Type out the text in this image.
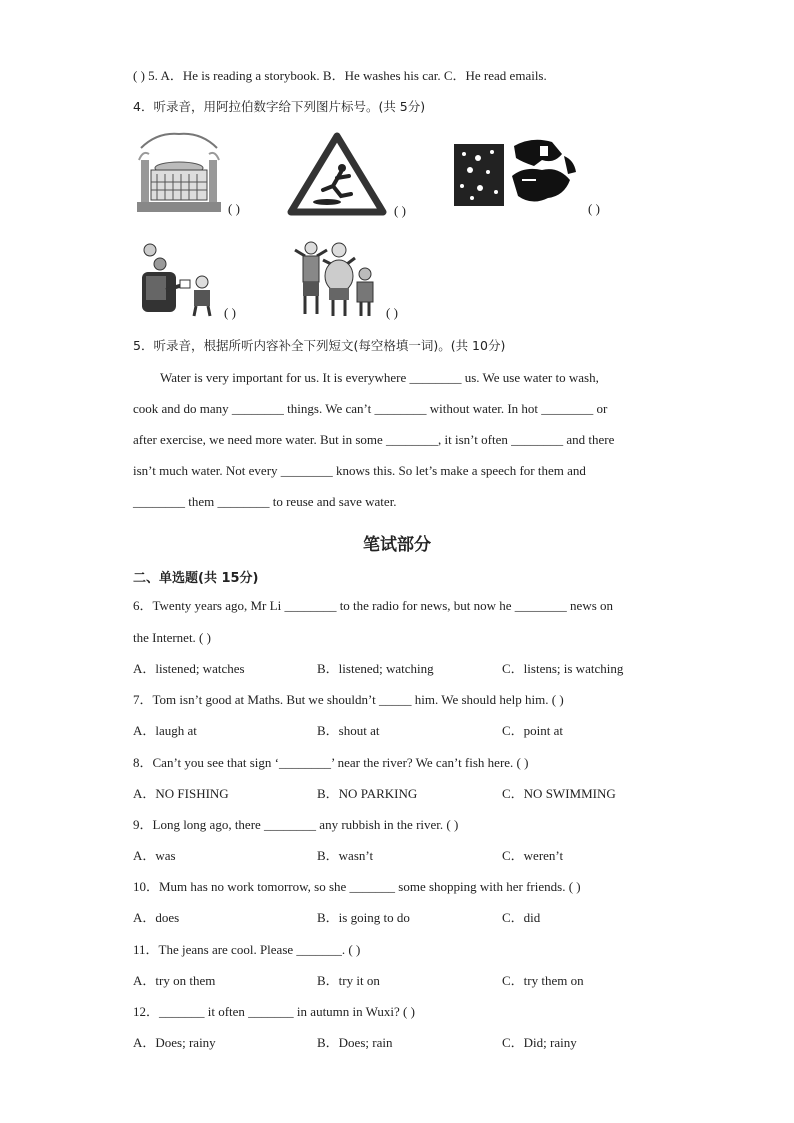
( ) 5. A．He is reading a storybook. B．He washes his car. C．He read emails.
4．听录音，用阿拉伯数字给下列图片标号。(共 5分)
( )	( )	( )
( )	( )
5．听录音，根据所听内容补全下列短文(每空格填一词)。(共 10分)
Water is very important for us. It is everywhere ________ us. We use water to wash,
cook and do many ________ things. We can’t ________ without water. In hot ________ or
after exercise, we need more water. But in some ________, it isn’t often ________ and there
isn’t much water. Not every ________ knows this. So let’s make a speech for them and
________ them ________ to reuse and save water.
笔试部分
二、单选题(共 15分)
6．Twenty years ago, Mr Li ________ to the radio for news, but now he ________ news on
the Internet. ( )
A．listened; watches	B．listened; watching	C．listens; is watching
7．Tom isn’t good at Maths. But we shouldn’t _____ him. We should help him. ( )
A．laugh at	B．shout at	C．point at
8．Can’t you see that sign ‘________’ near the river? We can’t fish here. ( )
A．NO FISHING	B．NO PARKING	C．NO SWIMMING
9．Long long ago, there ________ any rubbish in the river. ( )
A．was	B．wasn’t	C．weren’t
10．Mum has no work tomorrow, so she _______ some shopping with her friends. ( )
A．does	B．is going to do	C．did
11．The jeans are cool. Please _______. ( )
A．try on them	B．try it on	C．try them on
12．_______ it often _______ in autumn in Wuxi? ( )
A．Does; rainy	B．Does; rain	C．Did; rainy
